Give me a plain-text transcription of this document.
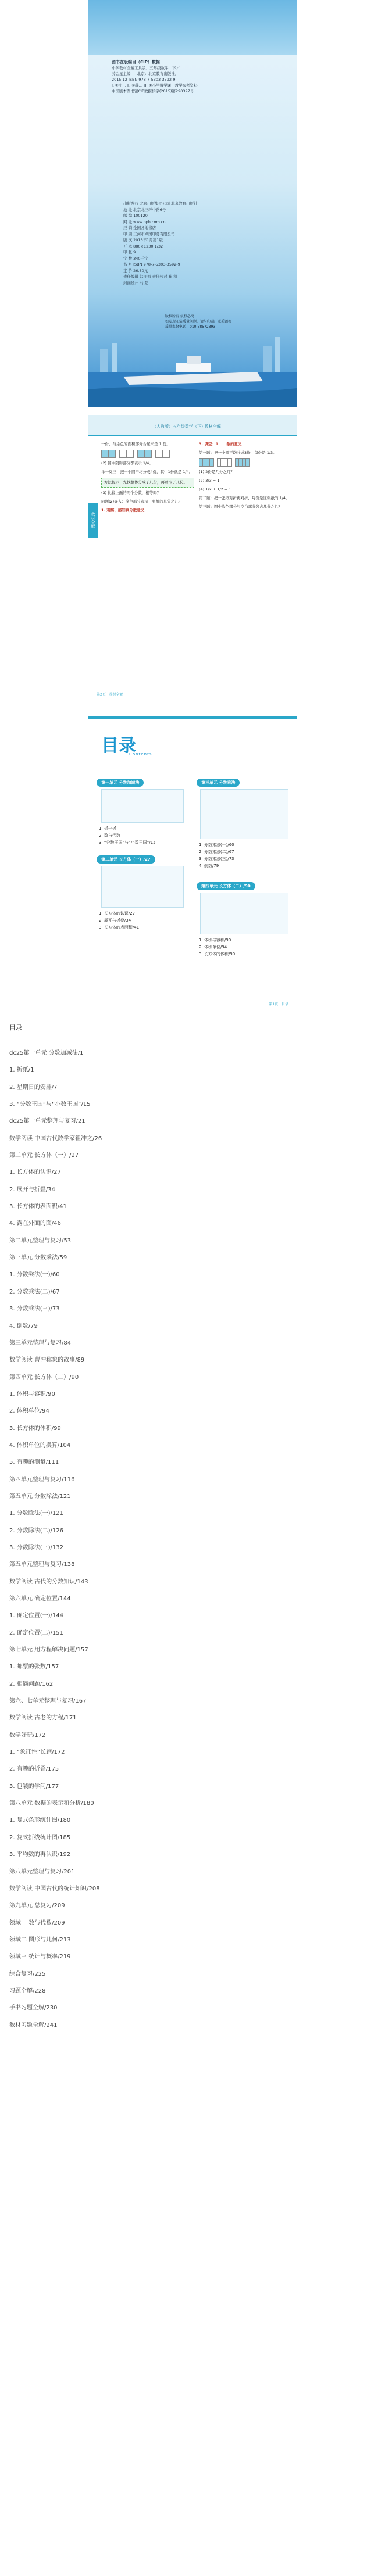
图书在版编目（CIP）数据
小学教材全解工具版．五年级数学．下／
薛金星主编．--北京：北京教育出版社，
2015.12 ISBN 978-7-5303-3592-9
Ⅰ. ①小… Ⅱ. ①薛… Ⅲ. ①小学数学课－教学参考资料
中国版本图书馆CIP数据核字(2015)第290397号
出版发行 北京出版集团公司 北京教育出版社
地 址 北京北三环中路6号
邮 编 100120
网 址 www.bph.com.cn
经 销 全国各地书店
印 刷 三河市兴国印务有限公司
版 次 2016年1月第1版
开 本 880×1230 1/32
印 张 9
字 数 340千字
书 号 ISBN 978-7-5303-3592-9
定 价 26.80元
责任编辑 韩丽娟 责任校对 崔 凯
封面设计 马 超
版权所有 侵权必究
如发现印装质量问题，请与印刷厂联系调换
质量监督电话：010-58572393
（人教版）五年级数学（下）·教材全解
教材全解

一份，与涂色的面积部分合起来是 1 份。

(2) 图中阴影部分都表示 1/4。

举一反三：把一个圆平均分成4份，其中1份就是 1/4。

方法提示：先找整体分成了几份，再看取了几份。

(3) 比较上面的两个分数，相等吗？

问题(2)导入：涂色部分表示一张纸的几分之几？

1. 观察、感知真分数意义

3. 填空：1 ___ 数的意义

第一题：把一个圆平均分成3份，每份是 1/3。

(1) 2份是几分之几？

(2) 3/3 = 1

(4) 1/2 + 1/2 = 1

第二题：把一张纸对折再对折，每份是这张纸的 1/4。

第三题：图中涂色部分与空白部分各占几分之几？

第2页 · 教材全解
目录
Contents
第一单元 分数加减法
1. 折一折
2. 数与代数
3. “分数王国”与“小数王国”/15
第二单元 长方体（一）/27
1. 长方体的认识/27
2. 展开与折叠/34
3. 长方体的表面积/41
第三单元 分数乘法
1. 分数乘法(一)/60
2. 分数乘法(二)/67
3. 分数乘法(三)/73
4. 倒数/79
第四单元 长方体（二）/90
1. 体积与容积/90
2. 体积单位/94
3. 长方体的体积/99
第1页 · 目录
目录
dc25第一单元 分数加减法/1
1. 折纸/1
2. 星期日的安排/7
3. “分数王国”与“小数王国”/15
dc25第一单元整理与复习/21
数学阅读 中国古代数学家祖冲之/26
第二单元 长方体（一）/27
1. 长方体的认识/27
2. 展开与折叠/34
3. 长方体的表面积/41
4. 露在外面的面/46
第二单元整理与复习/53
第三单元 分数乘法/59
1. 分数乘法(一)/60
2. 分数乘法(二)/67
3. 分数乘法(三)/73
4. 倒数/79
第三单元整理与复习/84
数学阅读 曹冲称象的故事/89
第四单元 长方体（二）/90
1. 体积与容积/90
2. 体积单位/94
3. 长方体的体积/99
4. 体积单位的换算/104
5. 有趣的测量/111
第四单元整理与复习/116
第五单元 分数除法/121
1. 分数除法(一)/121
2. 分数除法(二)/126
3. 分数除法(三)/132
第五单元整理与复习/138
数学阅读 古代的分数知识/143
第六单元 确定位置/144
1. 确定位置(一)/144
2. 确定位置(二)/151
第七单元 用方程解决问题/157
1. 邮票的张数/157
2. 相遇问题/162
第六、七单元整理与复习/167
数学阅读 古老的方程/171
数学好玩/172
1. “象征性”长跑/172
2. 有趣的折叠/175
3. 包装的学问/177
第八单元 数据的表示和分析/180
1. 复式条形统计图/180
2. 复式折线统计图/185
3. 平均数的再认识/192
第八单元整理与复习/201
数学阅读 中国古代的统计知识/208
第九单元 总复习/209
领域一 数与代数/209
领域二 图形与几何/213
领域三 统计与概率/219
综合复习/225
习题全解/228
手书习题全解/230
教材习题全解/241
